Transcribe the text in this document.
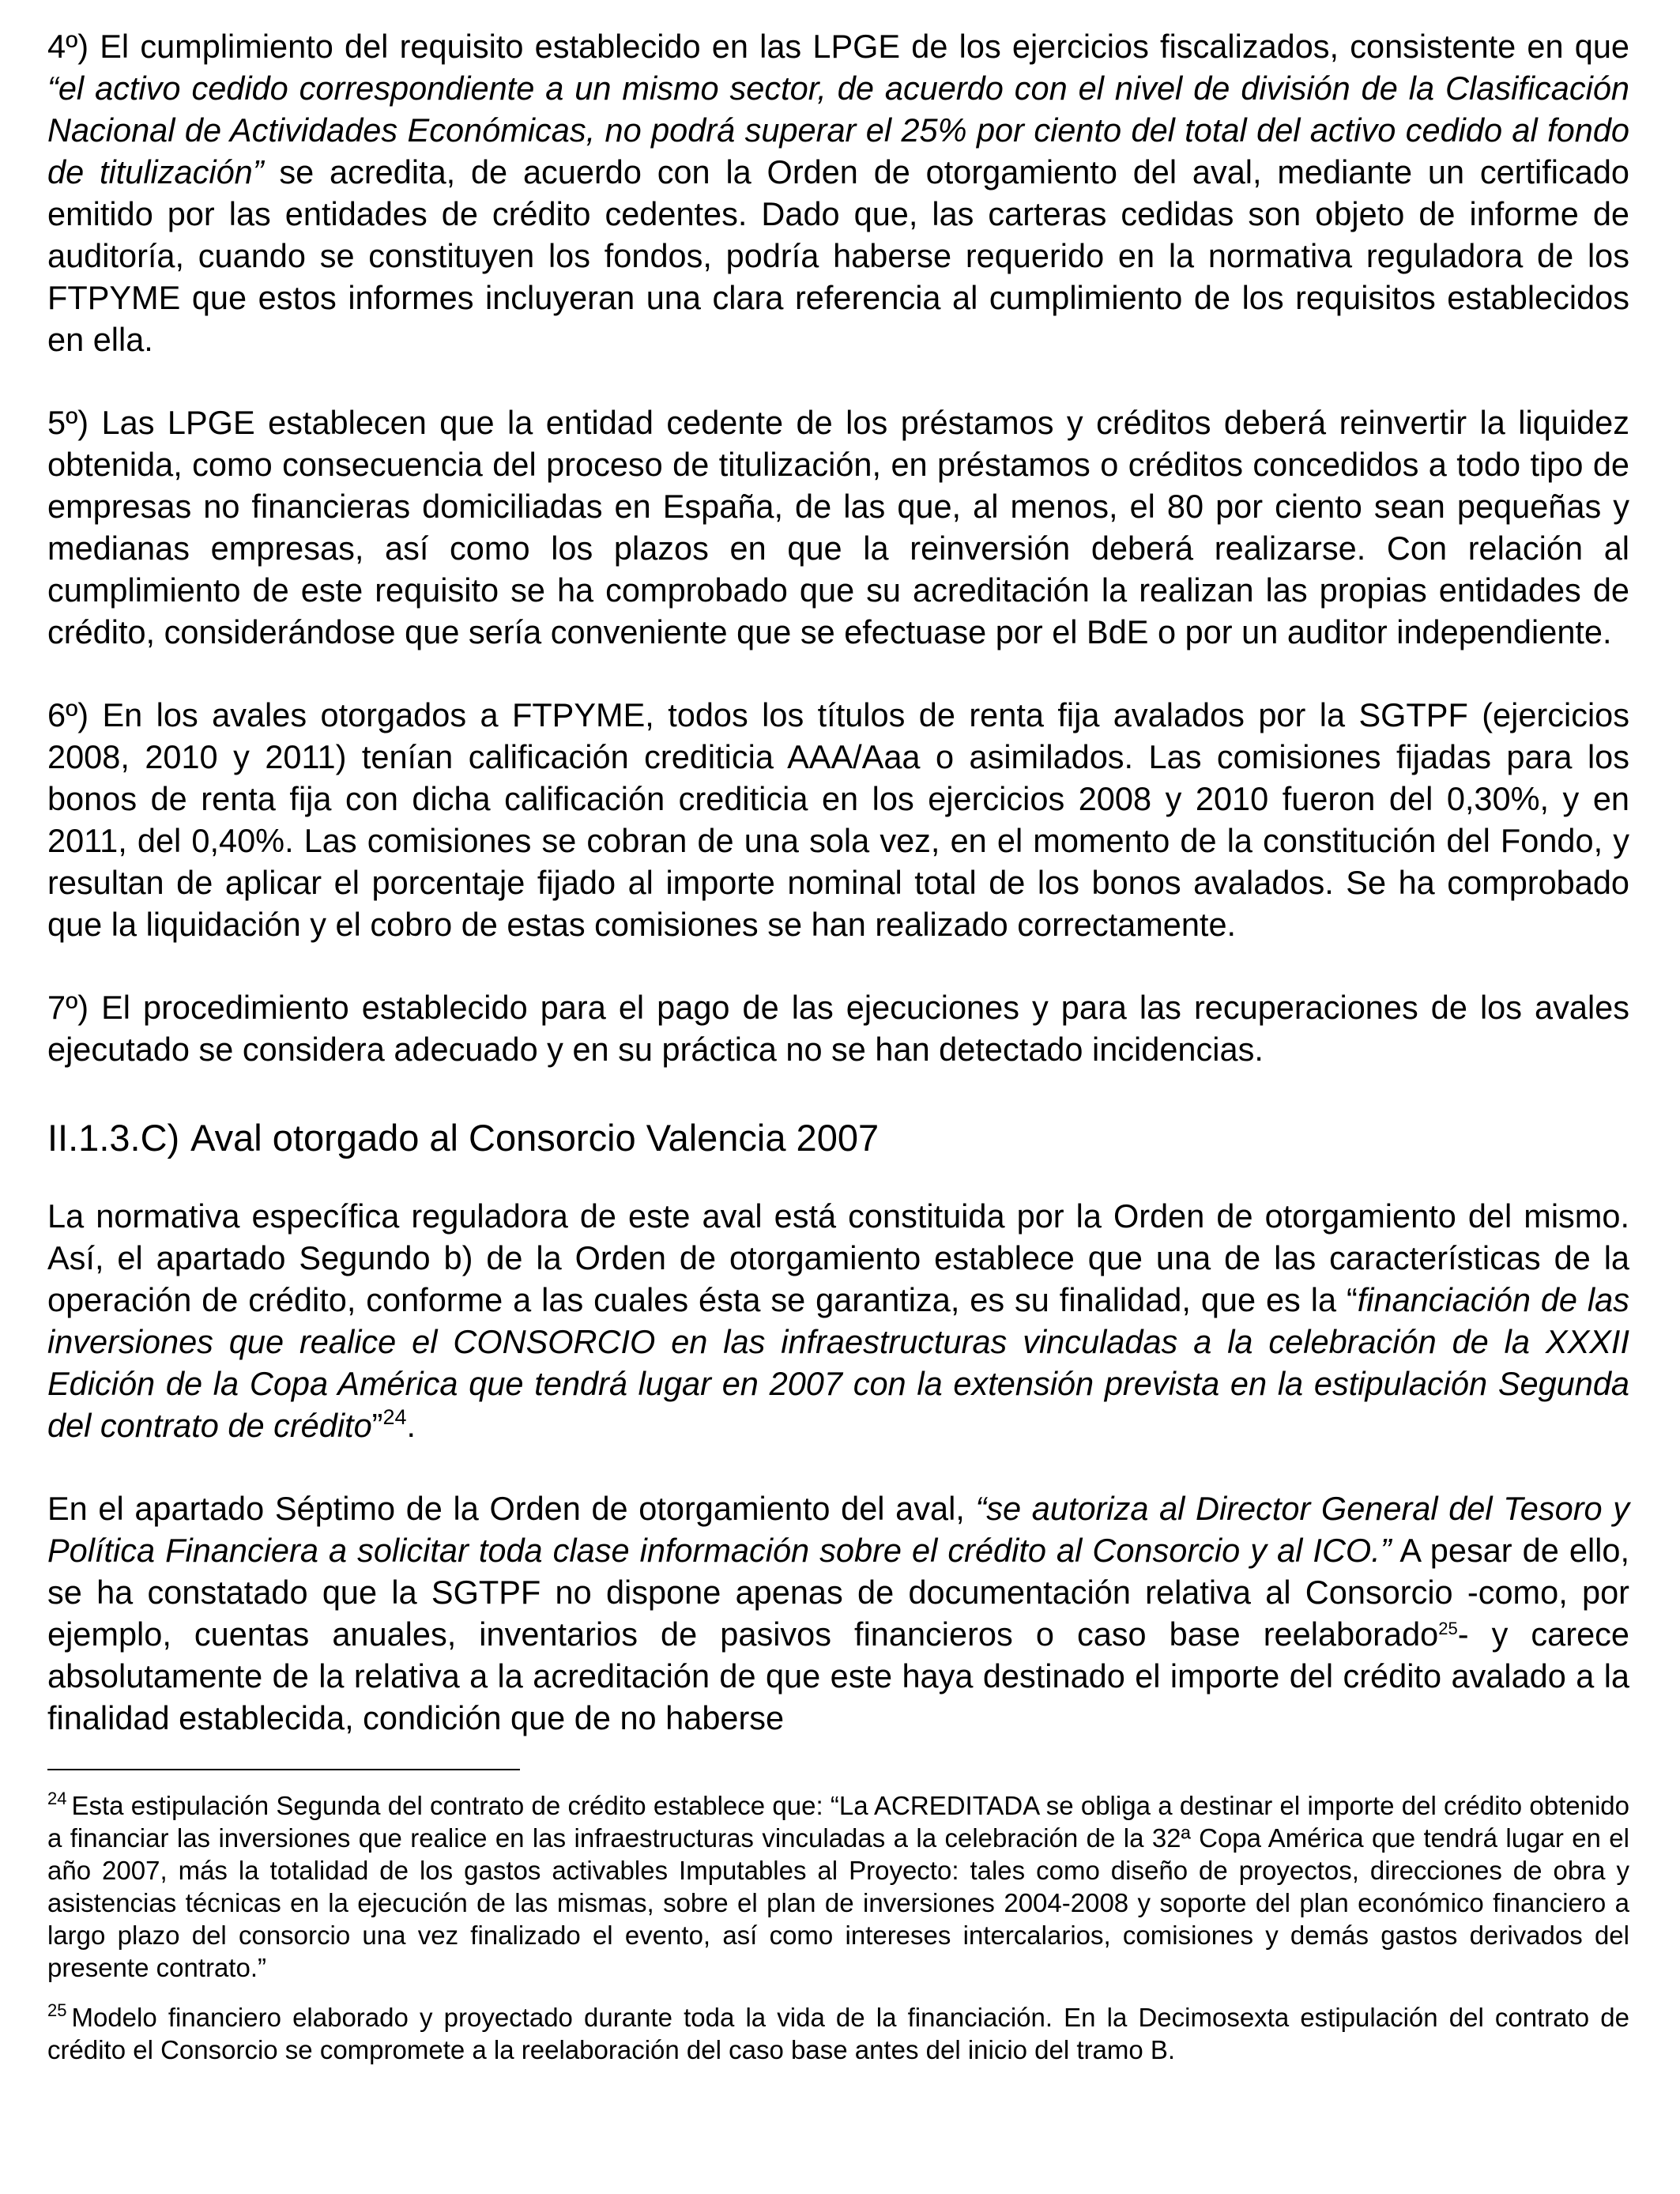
4º) El cumplimiento del requisito establecido en las LPGE de los ejercicios fiscalizados, consistente en que “el activo cedido correspondiente a un mismo sector, de acuerdo con el nivel de división de la Clasificación Nacional de Actividades Económicas, no podrá superar el 25% por ciento del total del activo cedido al fondo de titulización” se acredita, de acuerdo con la Orden de otorgamiento del aval, mediante un certificado emitido por las entidades de crédito cedentes. Dado que, las carteras cedidas son objeto de informe de auditoría, cuando se constituyen los fondos, podría haberse requerido en la normativa reguladora de los FTPYME que estos informes incluyeran una clara referencia al cumplimiento de los requisitos establecidos en ella.

5º) Las LPGE establecen que la entidad cedente de los préstamos y créditos deberá reinvertir la liquidez obtenida, como consecuencia del proceso de titulización, en préstamos o créditos concedidos a todo tipo de empresas no financieras domiciliadas en España, de las que, al menos, el 80 por ciento sean pequeñas y medianas empresas, así como los plazos en que la reinversión deberá realizarse. Con relación al cumplimiento de este requisito se ha comprobado que su acreditación la realizan las propias entidades de crédito, considerándose que sería conveniente que se efectuase por el BdE o por un auditor independiente.

6º) En los avales otorgados a FTPYME, todos los títulos de renta fija avalados por la SGTPF (ejercicios 2008, 2010 y 2011) tenían calificación crediticia AAA/Aaa o asimilados. Las comisiones fijadas para los bonos de renta fija con dicha calificación crediticia en los ejercicios 2008 y 2010 fueron del 0,30%, y en 2011, del 0,40%. Las comisiones se cobran de una sola vez, en el momento de la constitución del Fondo, y resultan de aplicar el porcentaje fijado al importe nominal total de los bonos avalados. Se ha comprobado que la liquidación y el cobro de estas comisiones se han realizado correctamente.

7º) El procedimiento establecido para el pago de las ejecuciones y para las recuperaciones de los avales ejecutado se considera adecuado y en su práctica no se han detectado incidencias.

II.1.3.C) Aval otorgado al Consorcio Valencia 2007

La normativa específica reguladora de este aval está constituida por la Orden de otorgamiento del mismo. Así, el apartado Segundo b) de la Orden de otorgamiento establece que una de las características de la operación de crédito, conforme a las cuales ésta se garantiza, es su finalidad, que es la “financiación de las inversiones que realice el CONSORCIO en las infraestructuras vinculadas a la celebración de la XXXII Edición de la Copa América que tendrá lugar en 2007 con la extensión prevista en la estipulación Segunda del contrato de crédito”$^{24}$.

En el apartado Séptimo de la Orden de otorgamiento del aval, “se autoriza al Director General del Tesoro y Política Financiera a solicitar toda clase información sobre el crédito al Consorcio y al ICO.” A pesar de ello, se ha constatado que la SGTPF no dispone apenas de documentación relativa al Consorcio -como, por ejemplo, cuentas anuales, inventarios de pasivos financieros o caso base reelaborado$^{25}$- y carece absolutamente de la relativa a la acreditación de que este haya destinado el importe del crédito avalado a la finalidad establecida, condición que de no haberse

$^{24}$ Esta estipulación Segunda del contrato de crédito establece que: “La ACREDITADA se obliga a destinar el importe del crédito obtenido a financiar las inversiones que realice en las infraestructuras vinculadas a la celebración de la 32ª Copa América que tendrá lugar en el año 2007, más la totalidad de los gastos activables Imputables al Proyecto: tales como diseño de proyectos, direcciones de obra y asistencias técnicas en la ejecución de las mismas, sobre el plan de inversiones 2004-2008 y soporte del plan económico financiero a largo plazo del consorcio una vez finalizado el evento, así como intereses intercalarios, comisiones y demás gastos derivados del presente contrato.”

$^{25}$ Modelo financiero elaborado y proyectado durante toda la vida de la financiación. En la Decimosexta estipulación del contrato de crédito el Consorcio se compromete a la reelaboración del caso base antes del inicio del tramo B.
